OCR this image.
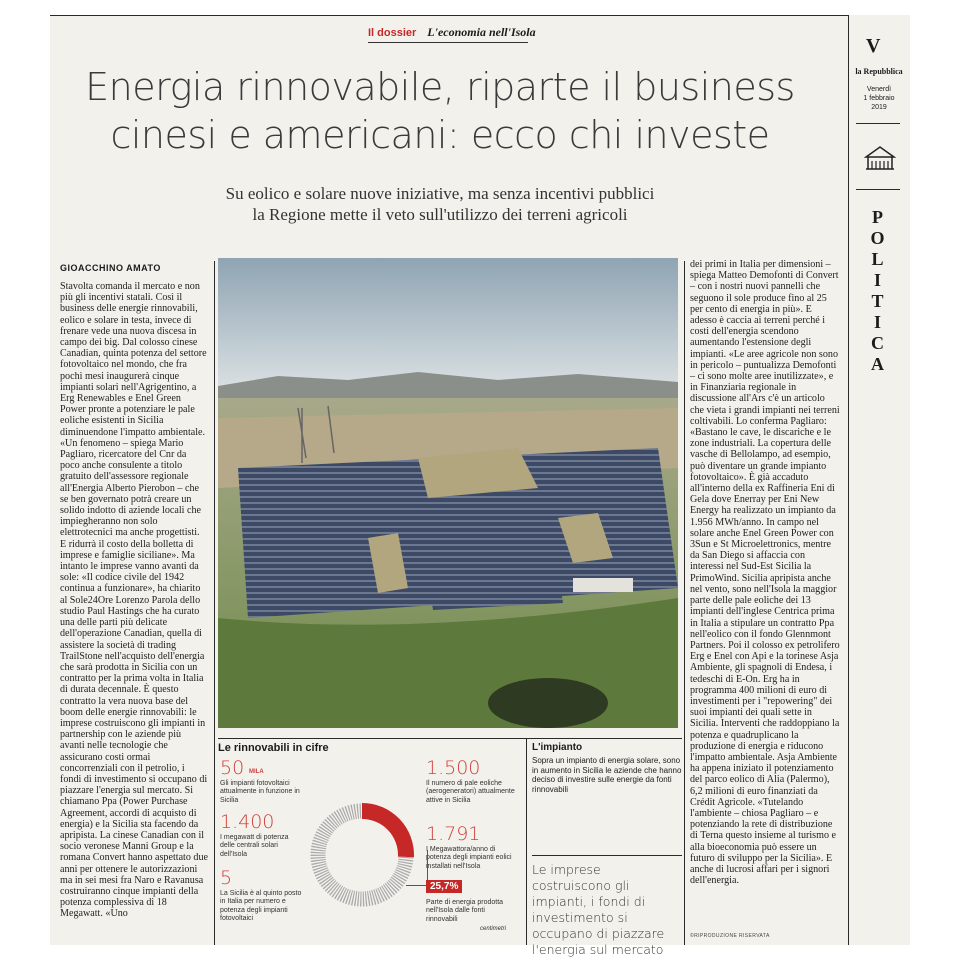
Il dossier L'economia nell'Isola
Energia rinnovabile, riparte il business
cinesi e americani: ecco chi investe
Su eolico e solare nuove iniziative, ma senza incentivi pubblici
la Regione mette il veto sull'utilizzo dei terreni agricoli
GIOACCHINO AMATO
Stavolta comanda il mercato e non più gli incentivi statali. Così il business delle energie rinnovabili, eolico e solare in testa, invece di frenare vede una nuova discesa in campo dei big. Dal colosso cinese Canadian, quinta potenza del settore fotovoltaico nel mondo, che fra pochi mesi inaugurerà cinque impianti solari nell'Agrigentino, a Erg Renewables e Enel Green Power pronte a potenziare le pale eoliche esistenti in Sicilia diminuendone l'impatto ambientale. «Un fenomeno – spiega Mario Pagliaro, ricercatore del Cnr da poco anche consulente a titolo gratuito dell'assessore regionale all'Energia Alberto Pierobon – che se ben governato potrà creare un solido indotto di aziende locali che impiegheranno non solo elettrotecnici ma anche progettisti. E ridurrà il costo della bolletta di imprese e famiglie siciliane». Ma intanto le imprese vanno avanti da sole: «Il codice civile del 1942 continua a funzionare», ha chiarito al Sole24Ore Lorenzo Parola dello studio Paul Hastings che ha curato una delle parti più delicate dell'operazione Canadian, quella di assistere la società di trading TrailStone nell'acquisto dell'energia che sarà prodotta in Sicilia con un contratto per la prima volta in Italia di durata decennale. È questo contratto la vera nuova base del boom delle energie rinnovabili: le imprese costruiscono gli impianti in partnership con le aziende più avanti nelle tecnologie che assicurano costi ormai concorrenziali con il petrolio, i fondi di investimento si occupano di piazzare l'energia sul mercato. Si chiamano Ppa (Power Purchase Agreement, accordi di acquisto di energia) e la Sicilia sta facendo da apripista. La cinese Canadian con il socio veronese Manni Group e la romana Convert hanno aspettato due anni per ottenere le autorizzazioni ma in sei mesi fra Naro e Ravanusa costruiranno cinque impianti della potenza complessiva di 18 Megawatt. «Uno
dei primi in Italia per dimensioni – spiega Matteo Demofonti di Convert – con i nostri nuovi pannelli che seguono il sole produce fino al 25 per cento di energia in più». E adesso è caccia ai terreni perché i costi dell'energia scendono aumentando l'estensione degli impianti. «Le aree agricole non sono in pericolo – puntualizza Demofonti – ci sono molte aree inutilizzate», e in Finanziaria regionale in discussione all'Ars c'è un articolo che vieta i grandi impianti nei terreni coltivabili. Lo conferma Pagliaro: «Bastano le cave, le discariche e le zone industriali. La copertura delle vasche di Bellolampo, ad esempio, può diventare un grande impianto fotovoltaico». È già accaduto all'interno della ex Raffineria Eni di Gela dove Enerray per Eni New Energy ha realizzato un impianto da 1.956 MWh/anno. In campo nel solare anche Enel Green Power con 3Sun e St Microelettronics, mentre da San Diego si affaccia con interessi nel Sud-Est Sicilia la PrimoWind. Sicilia apripista anche nel vento, sono nell'Isola la maggior parte delle pale eoliche dei 13 impianti dell'inglese Centrica prima in Italia a stipulare un contratto Ppa nell'eolico con il fondo Glennmont Partners. Poi il colosso ex petrolifero Erg e Enel con Api e la torinese Asja Ambiente, gli spagnoli di Endesa, i tedeschi di E-On. Erg ha in programma 400 milioni di euro di investimenti per i "repowering" dei suoi impianti dei quali sette in Sicilia. Interventi che raddoppiano la potenza e quadruplicano la produzione di energia e riducono l'impatto ambientale. Asja Ambiente ha appena iniziato il potenziamento del parco eolico di Alia (Palermo), 6,2 milioni di euro finanziati da Crédit Agricole. «Tutelando l'ambiente – chiosa Pagliaro – e potenziando la rete di distribuzione di Terna questo insieme al turismo e alla bioeconomia può essere un futuro di sviluppo per la Sicilia». E anche di lucrosi affari per i signori dell'energia.
©RIPRODUZIONE RISERVATA
V
la Repubblica
Venerdì
1 febbraio
2019
P
O
L
I
T
I
C
A
Le rinnovabili in cifre
50 MILA
Gli impianti fotovoltaici attualmente in funzione in Sicilia
1.400
I megawatt di potenza delle centrali solari dell'Isola
5
La Sicilia è al quinto posto in Italia per numero e potenza degli impianti fotovoltaici
1.500
Il numero di pale eoliche (aerogeneratori) attualmente attive in Sicilia
1.791
I Megawattora/anno di potenza degli impianti eolici installati nell'Isola
25,7%
Parte di energia prodotta nell'Isola dalle fonti rinnovabili
centimetri
L'impianto
Sopra un impianto di energia solare, sono in aumento in Sicilia le aziende che hanno deciso di investire sulle energie da fonti rinnovabili
Le imprese costruiscono gli impianti, i fondi di investimento si occupano di piazzare l'energia sul mercato
